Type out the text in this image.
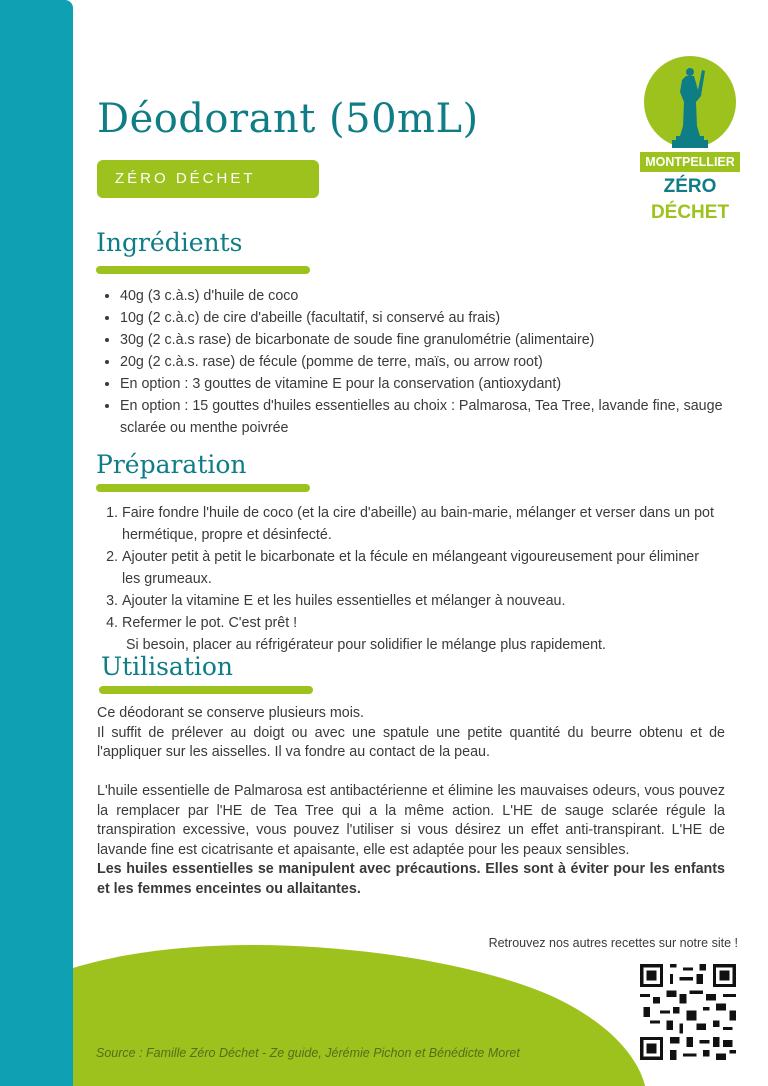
Déodorant (50mL)
ZÉRO DÉCHET
MONTPELLIER
ZÉRO DÉCHET
Ingrédients
• 40g (3 c.à.s) d'huile de coco
• 10g (2 c.à.c) de cire d'abeille (facultatif, si conservé au frais)
• 30g (2 c.à.s rase) de bicarbonate de soude fine granulométrie (alimentaire)
• 20g (2 c.à.s. rase) de fécule (pomme de terre, maïs, ou arrow root)
• En option : 3 gouttes de vitamine E pour la conservation (antioxydant)
• En option : 15 gouttes d'huiles essentielles au choix : Palmarosa, Tea Tree, lavande fine, sauge sclarée ou menthe poivrée
Préparation
1. Faire fondre l'huile de coco (et la cire d'abeille) au bain-marie, mélanger et verser dans un pot hermétique, propre et désinfecté.
2. Ajouter petit à petit le bicarbonate et la fécule en mélangeant vigoureusement pour éliminer les grumeaux.
3. Ajouter la vitamine E et les huiles essentielles et mélanger à nouveau.
4. Refermer le pot. C'est prêt !
Si besoin, placer au réfrigérateur pour solidifier le mélange plus rapidement.
Utilisation

Ce déodorant se conserve plusieurs mois.
Il suffit de prélever au doigt ou avec une spatule une petite quantité du beurre obtenu et de l'appliquer sur les aisselles. Il va fondre au contact de la peau.

L'huile essentielle de Palmarosa est antibactérienne et élimine les mauvaises odeurs, vous pouvez la remplacer par l'HE de Tea Tree qui a la même action. L'HE de sauge sclarée régule la transpiration excessive, vous pouvez l'utiliser si vous désirez un effet anti-transpirant. L'HE de lavande fine est cicatrisante et apaisante, elle est adaptée pour les peaux sensibles.
Les huiles essentielles se manipulent avec précautions. Elles sont à éviter pour les enfants et les femmes enceintes ou allaitantes.

Retrouvez nos autres recettes sur notre site !
Source : Famille Zéro Déchet - Ze guide, Jérémie Pichon et Bénédicte Moret
